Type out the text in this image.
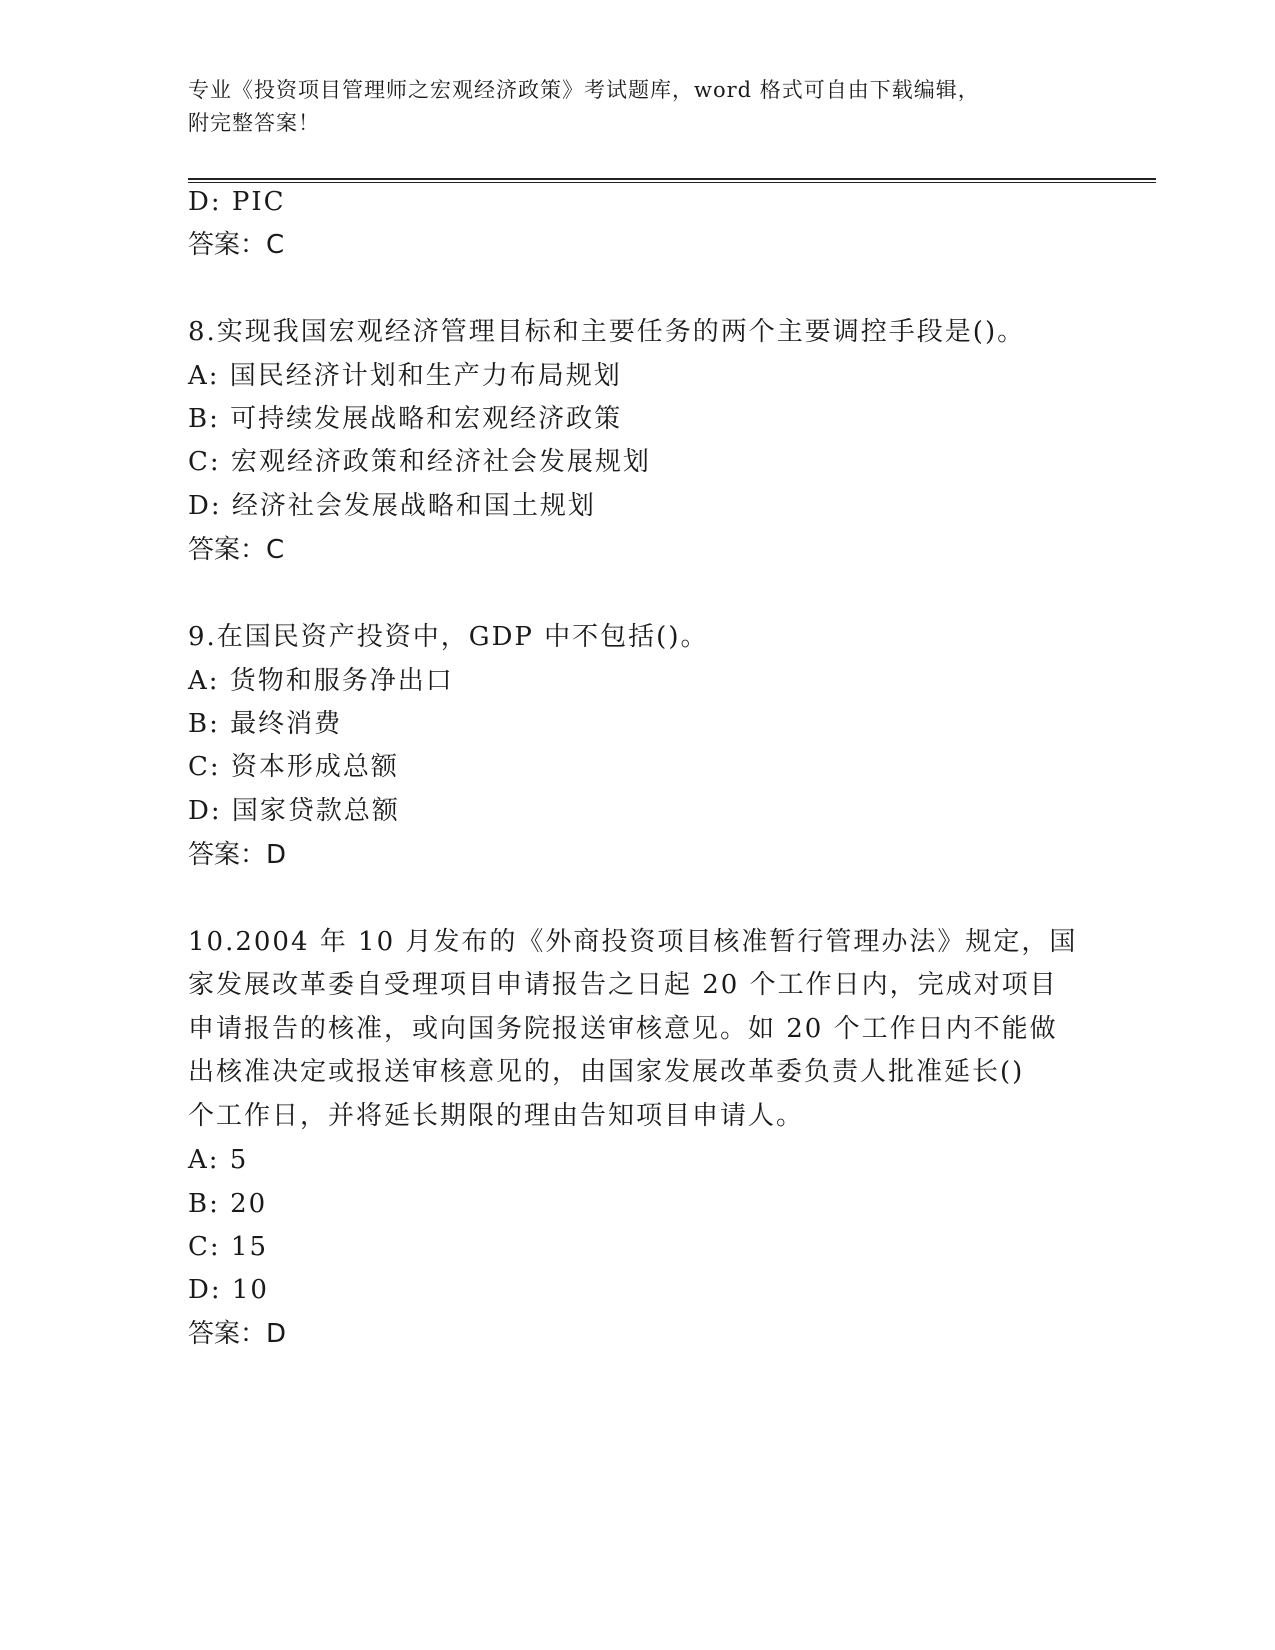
专业《投资项目管理师之宏观经济政策》考试题库，word 格式可自由下载编辑，
附完整答案！
D: PIC
答案：C
8.实现我国宏观经济管理目标和主要任务的两个主要调控手段是()。
A: 国民经济计划和生产力布局规划
B: 可持续发展战略和宏观经济政策
C: 宏观经济政策和经济社会发展规划
D: 经济社会发展战略和国土规划
答案：C
9.在国民资产投资中，GDP 中不包括()。
A: 货物和服务净出口
B: 最终消费
C: 资本形成总额
D: 国家贷款总额
答案：D
10.2004 年 10 月发布的《外商投资项目核准暂行管理办法》规定，国
家发展改革委自受理项目申请报告之日起 20 个工作日内，完成对项目
申请报告的核准，或向国务院报送审核意见。如 20 个工作日内不能做
出核准决定或报送审核意见的，由国家发展改革委负责人批准延长()
个工作日，并将延长期限的理由告知项目申请人。
A: 5
B: 20
C: 15
D: 10
答案：D
